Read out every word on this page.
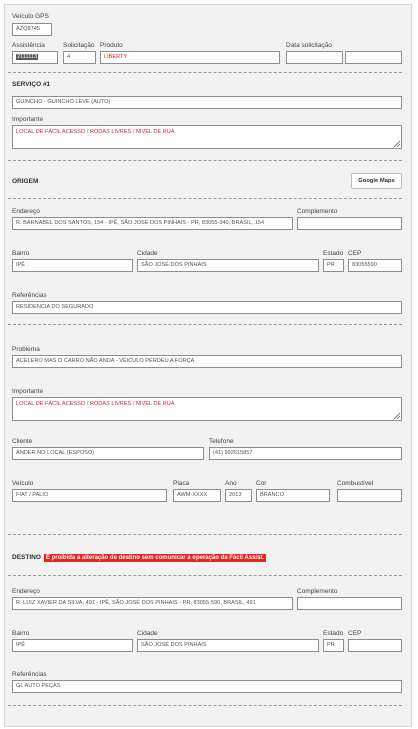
Veículo GPS
AZQ8745
Assistência
2111113
Solicitação
4
Produto
LIBERTY
Data solicitação
SERVIÇO #1
GUINCHO - GUINCHO LEVE (AUTO)
Importante
LOCAL DE FÁCIL ACESSO / RODAS LIVRES / NÍVEL DE RUA
ORIGEM	Google Maps
Endereço
R. BARNABEL DOS SANTOS, 154 - IPÊ, SÃO JOSÉ DOS PINHAIS - PR, 83055-340, BRASIL, 154
Complemento
Bairro
IPÊ
Cidade
SÃO JOSÉ DOS PINHAIS
Estado
PR
CEP
83055590
Referências
RESIDENCIA DO SEGURADO
Problema
ACELERO MAS O CARRO NÃO ANDA - VEICULO PERDEU A FORÇA
Importante
LOCAL DE FÁCIL ACESSO / RODAS LIVRES / NÍVEL DE RUA
Cliente
ANDER NO LOCAL (ESPOSO)
Telefone
(41) 992615857
Veículo
FIAT / PALIO
Placa
AWM-XXXX
Ano
2013
Cor
BRANCO
Combustível
DESTINO É proibida a alteração de destino sem comunicar a operação da Fácil Assist.
Endereço
R. LUIZ XAVIER DA SILVA, 491 - IPÊ, SÃO JOSÉ DOS PINHAIS - PR, 83055-590, BRASIL, 491
Complemento
Bairro
IPÊ
Cidade
SÃO JOSÉ DOS PINHAIS
Estado
PR
CEP
Referências
GL AUTO PEÇAS
